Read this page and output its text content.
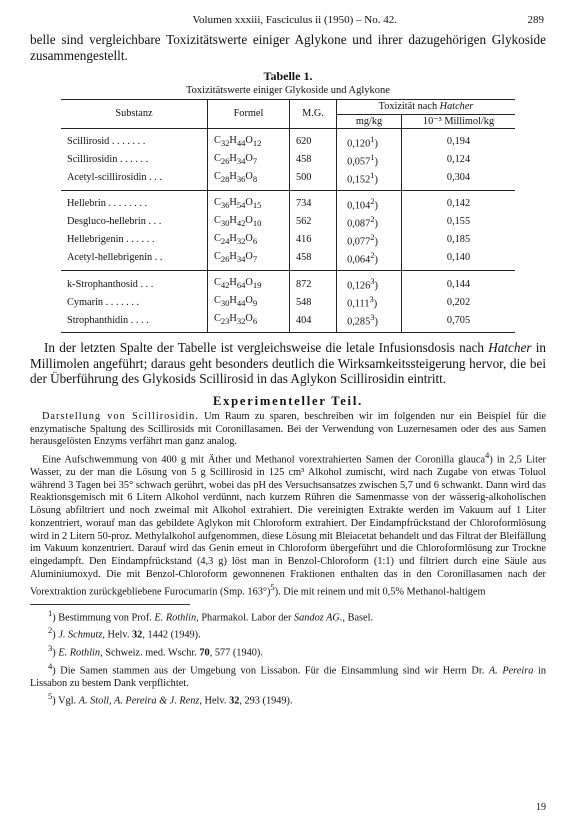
Volumen xxxiii, Fasciculus ii (1950) – No. 42.	289

belle sind vergleichbare Toxizitätswerte einiger Aglykone und ihrer dazugehörigen Glykoside zusammengestellt.

Tabelle 1.
Toxizitätswerte einiger Glykoside und Aglykone
Substanz	Formel	M.G.	Toxizität nach Hatcher	
			mg/kg	10⁻³ Millimol/kg
Scillirosid . . . . . . .	$C_{32}H_{44}O_{12}$	620	0,120$^1$)	0,194
Scillirosidin . . . . . .	$C_{26}H_{34}O_7$	458	0,057$^1$)	0,124
Acetyl-scillirosidin . . .	$C_{28}H_{36}O_8$	500	0,152$^1$)	0,304
Hellebrin . . . . . . . .	$C_{36}H_{54}O_{15}$	734	0,104$^2$)	0,142
Desgluco-hellebrin . . .	$C_{30}H_{42}O_{10}$	562	0,087$^2$)	0,155
Hellebrigenin . . . . . .	$C_{24}H_{32}O_6$	416	0,077$^2$)	0,185
Acetyl-hellebrigenin . .	$C_{26}H_{34}O_7$	458	0,064$^2$)	0,140
k-Strophanthosid . . .	$C_{42}H_{64}O_{19}$	872	0,126$^3$)	0,144
Cymarin . . . . . . .	$C_{30}H_{44}O_9$	548	0,111$^3$)	0,202
Strophanthidin . . . .	$C_{23}H_{32}O_6$	404	0,285$^3$)	0,705

In der letzten Spalte der Tabelle ist vergleichsweise die letale Infusionsdosis nach Hatcher in Millimolen angeführt; daraus geht besonders deutlich die Wirksamkeitssteigerung hervor, die bei der Überführung des Glykosids Scillirosid in das Aglykon Scillirosidin eintritt.

Experimenteller Teil.

Darstellung von Scillirosidin. Um Raum zu sparen, beschreiben wir im folgenden nur ein Beispiel für die enzymatische Spaltung des Scillirosids mit Coronillasamen. Bei der Verwendung von Luzernesamen oder des aus Samen herausgelösten Enzyms verfährt man ganz analog.

Eine Aufschwemmung von 400 g mit Äther und Methanol vorextrahierten Samen der Coronilla glauca$^4$) in 2,5 Liter Wasser, zu der man die Lösung von 5 g Scillirosid in 125 cm³ Alkohol zumischt, wird nach Zugabe von etwas Toluol während 3 Tagen bei 35° schwach gerührt, wobei das pH des Versuchsansatzes zwischen 5,7 und 6 schwankt. Dann wird das Reaktionsgemisch mit 6 Litern Alkohol verdünnt, nach kurzem Rühren die Samenmasse von der wässerig-alkoholischen Lösung abfiltriert und noch zweimal mit Alkohol extrahiert. Die vereinigten Extrakte werden im Vakuum auf 1 Liter konzentriert, worauf man das gebildete Aglykon mit Chloroform extrahiert. Der Eindampfrückstand der Chloroformlösung wird in 2 Litern 50-proz. Methylalkohol aufgenommen, diese Lösung mit Bleiacetat behandelt und das Filtrat der Bleifällung im Vakuum konzentriert. Darauf wird das Genin erneut in Chloroform übergeführt und die Chloroformlösung zur Trockne eingedampft. Den Eindampfrückstand (4,3 g) löst man in Benzol-Chloroform (1:1) und filtriert durch eine Säule aus Aluminiumoxyd. Die mit Benzol-Chloroform gewonnenen Fraktionen enthalten das in den Coronillasamen nach der Vorextraktion zurückgebliebene Furocumarin (Smp. 163°)$^5$). Die mit reinem und mit 0,5% Methanol-haltigem

$^1$) Bestimmung von Prof. E. Rothlin, Pharmakol. Labor der Sandoz AG., Basel.

$^2$) J. Schmutz, Helv. 32, 1442 (1949).

$^3$) E. Rothlin, Schweiz. med. Wschr. 70, 577 (1940).

$^4$) Die Samen stammen aus der Umgebung von Lissabon. Für die Einsammlung sind wir Herrn Dr. A. Pereira in Lissabon zu bestem Dank verpflichtet.

$^5$) Vgl. A. Stoll, A. Pereira & J. Renz, Helv. 32, 293 (1949).

19
